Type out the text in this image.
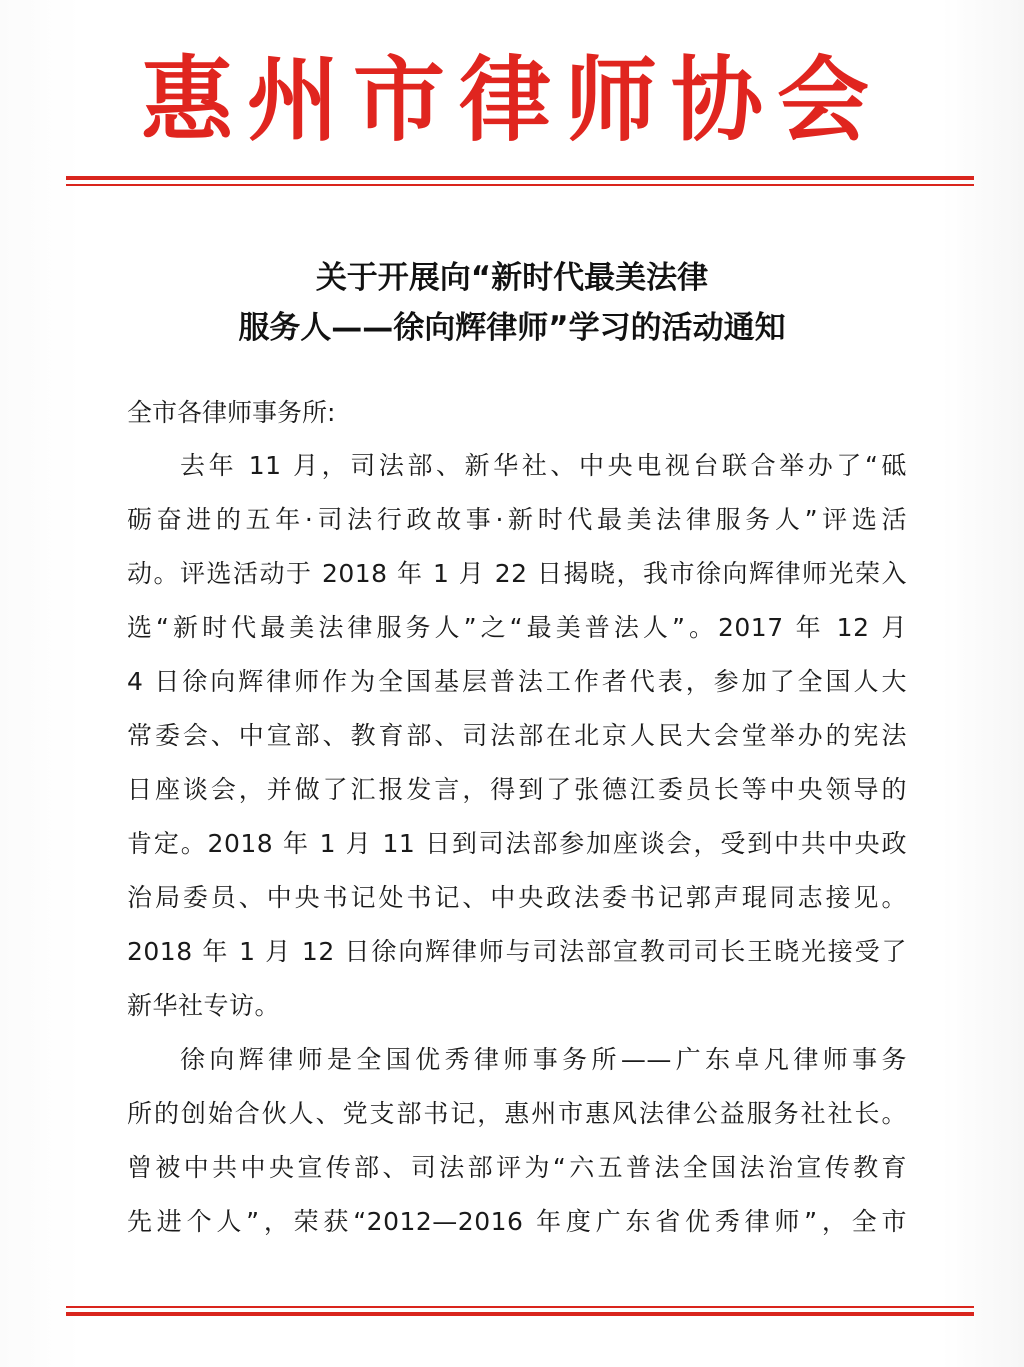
惠州市律师协会
关于开展向“新时代最美法律
服务人——徐向辉律师”学习的活动通知
全市各律师事务所:
去年 11 月，司法部、新华社、中央电视台联合举办了“砥
砺奋进的五年·司法行政故事·新时代最美法律服务人”评选活
动。评选活动于 2018 年 1 月 22 日揭晓，我市徐向辉律师光荣入
选“新时代最美法律服务人”之“最美普法人”。2017 年 12 月
4 日徐向辉律师作为全国基层普法工作者代表，参加了全国人大
常委会、中宣部、教育部、司法部在北京人民大会堂举办的宪法
日座谈会，并做了汇报发言，得到了张德江委员长等中央领导的
肯定。2018 年 1 月 11 日到司法部参加座谈会，受到中共中央政
治局委员、中央书记处书记、中央政法委书记郭声琨同志接见。
2018 年 1 月 12 日徐向辉律师与司法部宣教司司长王晓光接受了
新华社专访。
徐向辉律师是全国优秀律师事务所——广东卓凡律师事务
所的创始合伙人、党支部书记，惠州市惠风法律公益服务社社长。
曾被中共中央宣传部、司法部评为“六五普法全国法治宣传教育
先进个人”，荣获“2012—2016 年度广东省优秀律师”，全市
